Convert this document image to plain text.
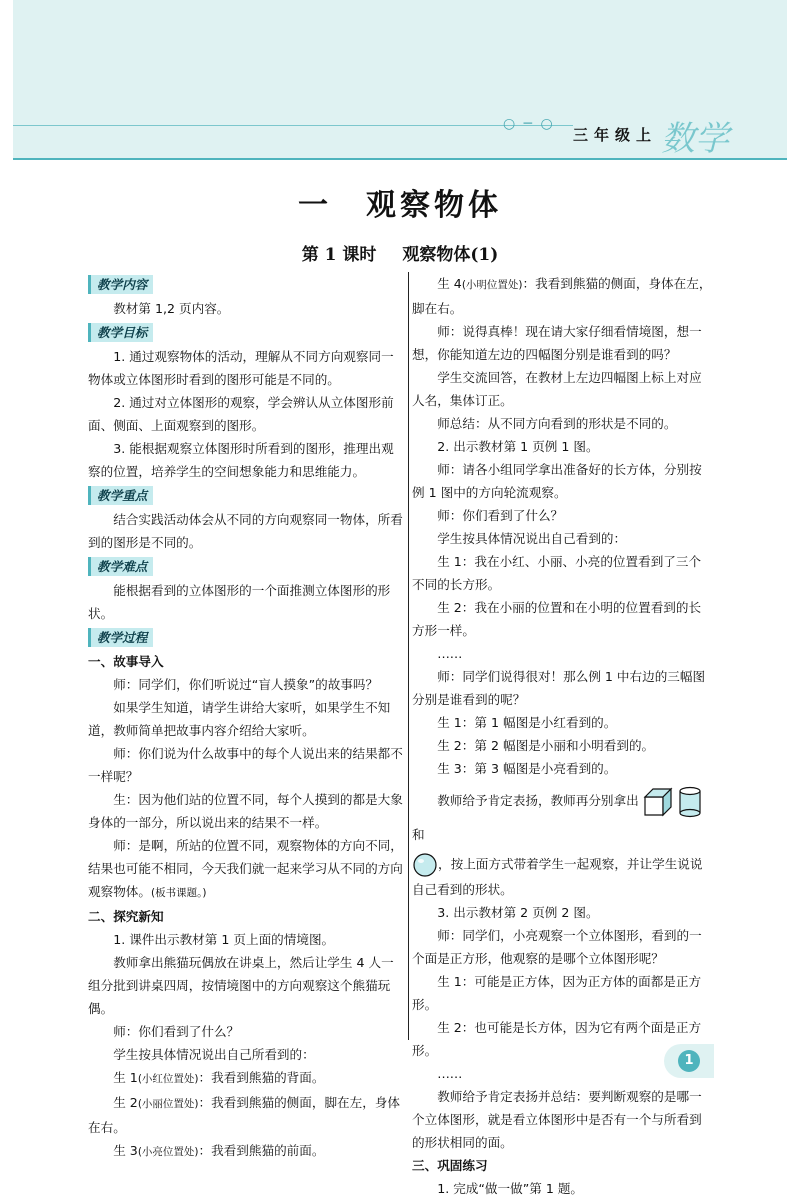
○ ─ ○
三年级上 数学
一　观察物体
第 1 课时 观察物体(1)
教学内容

教材第 1,2 页内容。

教学目标

1. 通过观察物体的活动，理解从不同方向观察同一物体或立体图形时看到的图形可能是不同的。

2. 通过对立体图形的观察，学会辨认从立体图形前面、侧面、上面观察到的图形。

3. 能根据观察立体图形时所看到的图形，推理出观察的位置，培养学生的空间想象能力和思维能力。

教学重点

结合实践活动体会从不同的方向观察同一物体，所看到的图形是不同的。

教学难点

能根据看到的立体图形的一个面推测立体图形的形状。

教学过程

一、故事导入

师：同学们，你们听说过“盲人摸象”的故事吗？

如果学生知道，请学生讲给大家听，如果学生不知道，教师简单把故事内容介绍给大家听。

师：你们说为什么故事中的每个人说出来的结果都不一样呢？

生：因为他们站的位置不同，每个人摸到的都是大象身体的一部分，所以说出来的结果不一样。

师：是啊，所站的位置不同，观察物体的方向不同，结果也可能不相同，今天我们就一起来学习从不同的方向观察物体。(板书课题。)

二、探究新知

1. 课件出示教材第 1 页上面的情境图。

教师拿出熊猫玩偶放在讲桌上，然后让学生 4 人一组分批到讲桌四周，按情境图中的方向观察这个熊猫玩偶。

师：你们看到了什么？

学生按具体情况说出自己所看到的：

生 1(小红位置处)：我看到熊猫的背面。

生 2(小丽位置处)：我看到熊猫的侧面，脚在左，身体在右。

生 3(小亮位置处)：我看到熊猫的前面。

生 4(小明位置处)：我看到熊猫的侧面，身体在左，脚在右。

师：说得真棒！现在请大家仔细看情境图，想一想，你能知道左边的四幅图分别是谁看到的吗？

学生交流回答，在教材上左边四幅图上标上对应人名，集体订正。

师总结：从不同方向看到的形状是不同的。

2. 出示教材第 1 页例 1 图。

师：请各小组同学拿出准备好的长方体，分别按例 1 图中的方向轮流观察。

师：你们看到了什么？

学生按具体情况说出自己看到的：

生 1：我在小红、小丽、小亮的位置看到了三个不同的长方形。

生 2：我在小丽的位置和在小明的位置看到的长方形一样。

……

师：同学们说得很对！那么例 1 中右边的三幅图分别是谁看到的呢？

生 1：第 1 幅图是小红看到的。

生 2：第 2 幅图是小丽和小明看到的。

生 3：第 3 幅图是小亮看到的。

教师给予肯定表扬，教师再分别拿出   和

，按上面方式带着学生一起观察，并让学生说说自己看到的形状。

3. 出示教材第 2 页例 2 图。

师：同学们，小亮观察一个立体图形，看到的一个面是正方形，他观察的是哪个立体图形呢？

生 1：可能是正方体，因为正方体的面都是正方形。

生 2：也可能是长方体，因为它有两个面是正方形。

……

教师给予肯定表扬并总结：要判断观察的是哪一个立体图形，就是看立体图形中是否有一个与所看到的形状相同的面。

三、巩固练习

1. 完成“做一做”第 1 题。

1
